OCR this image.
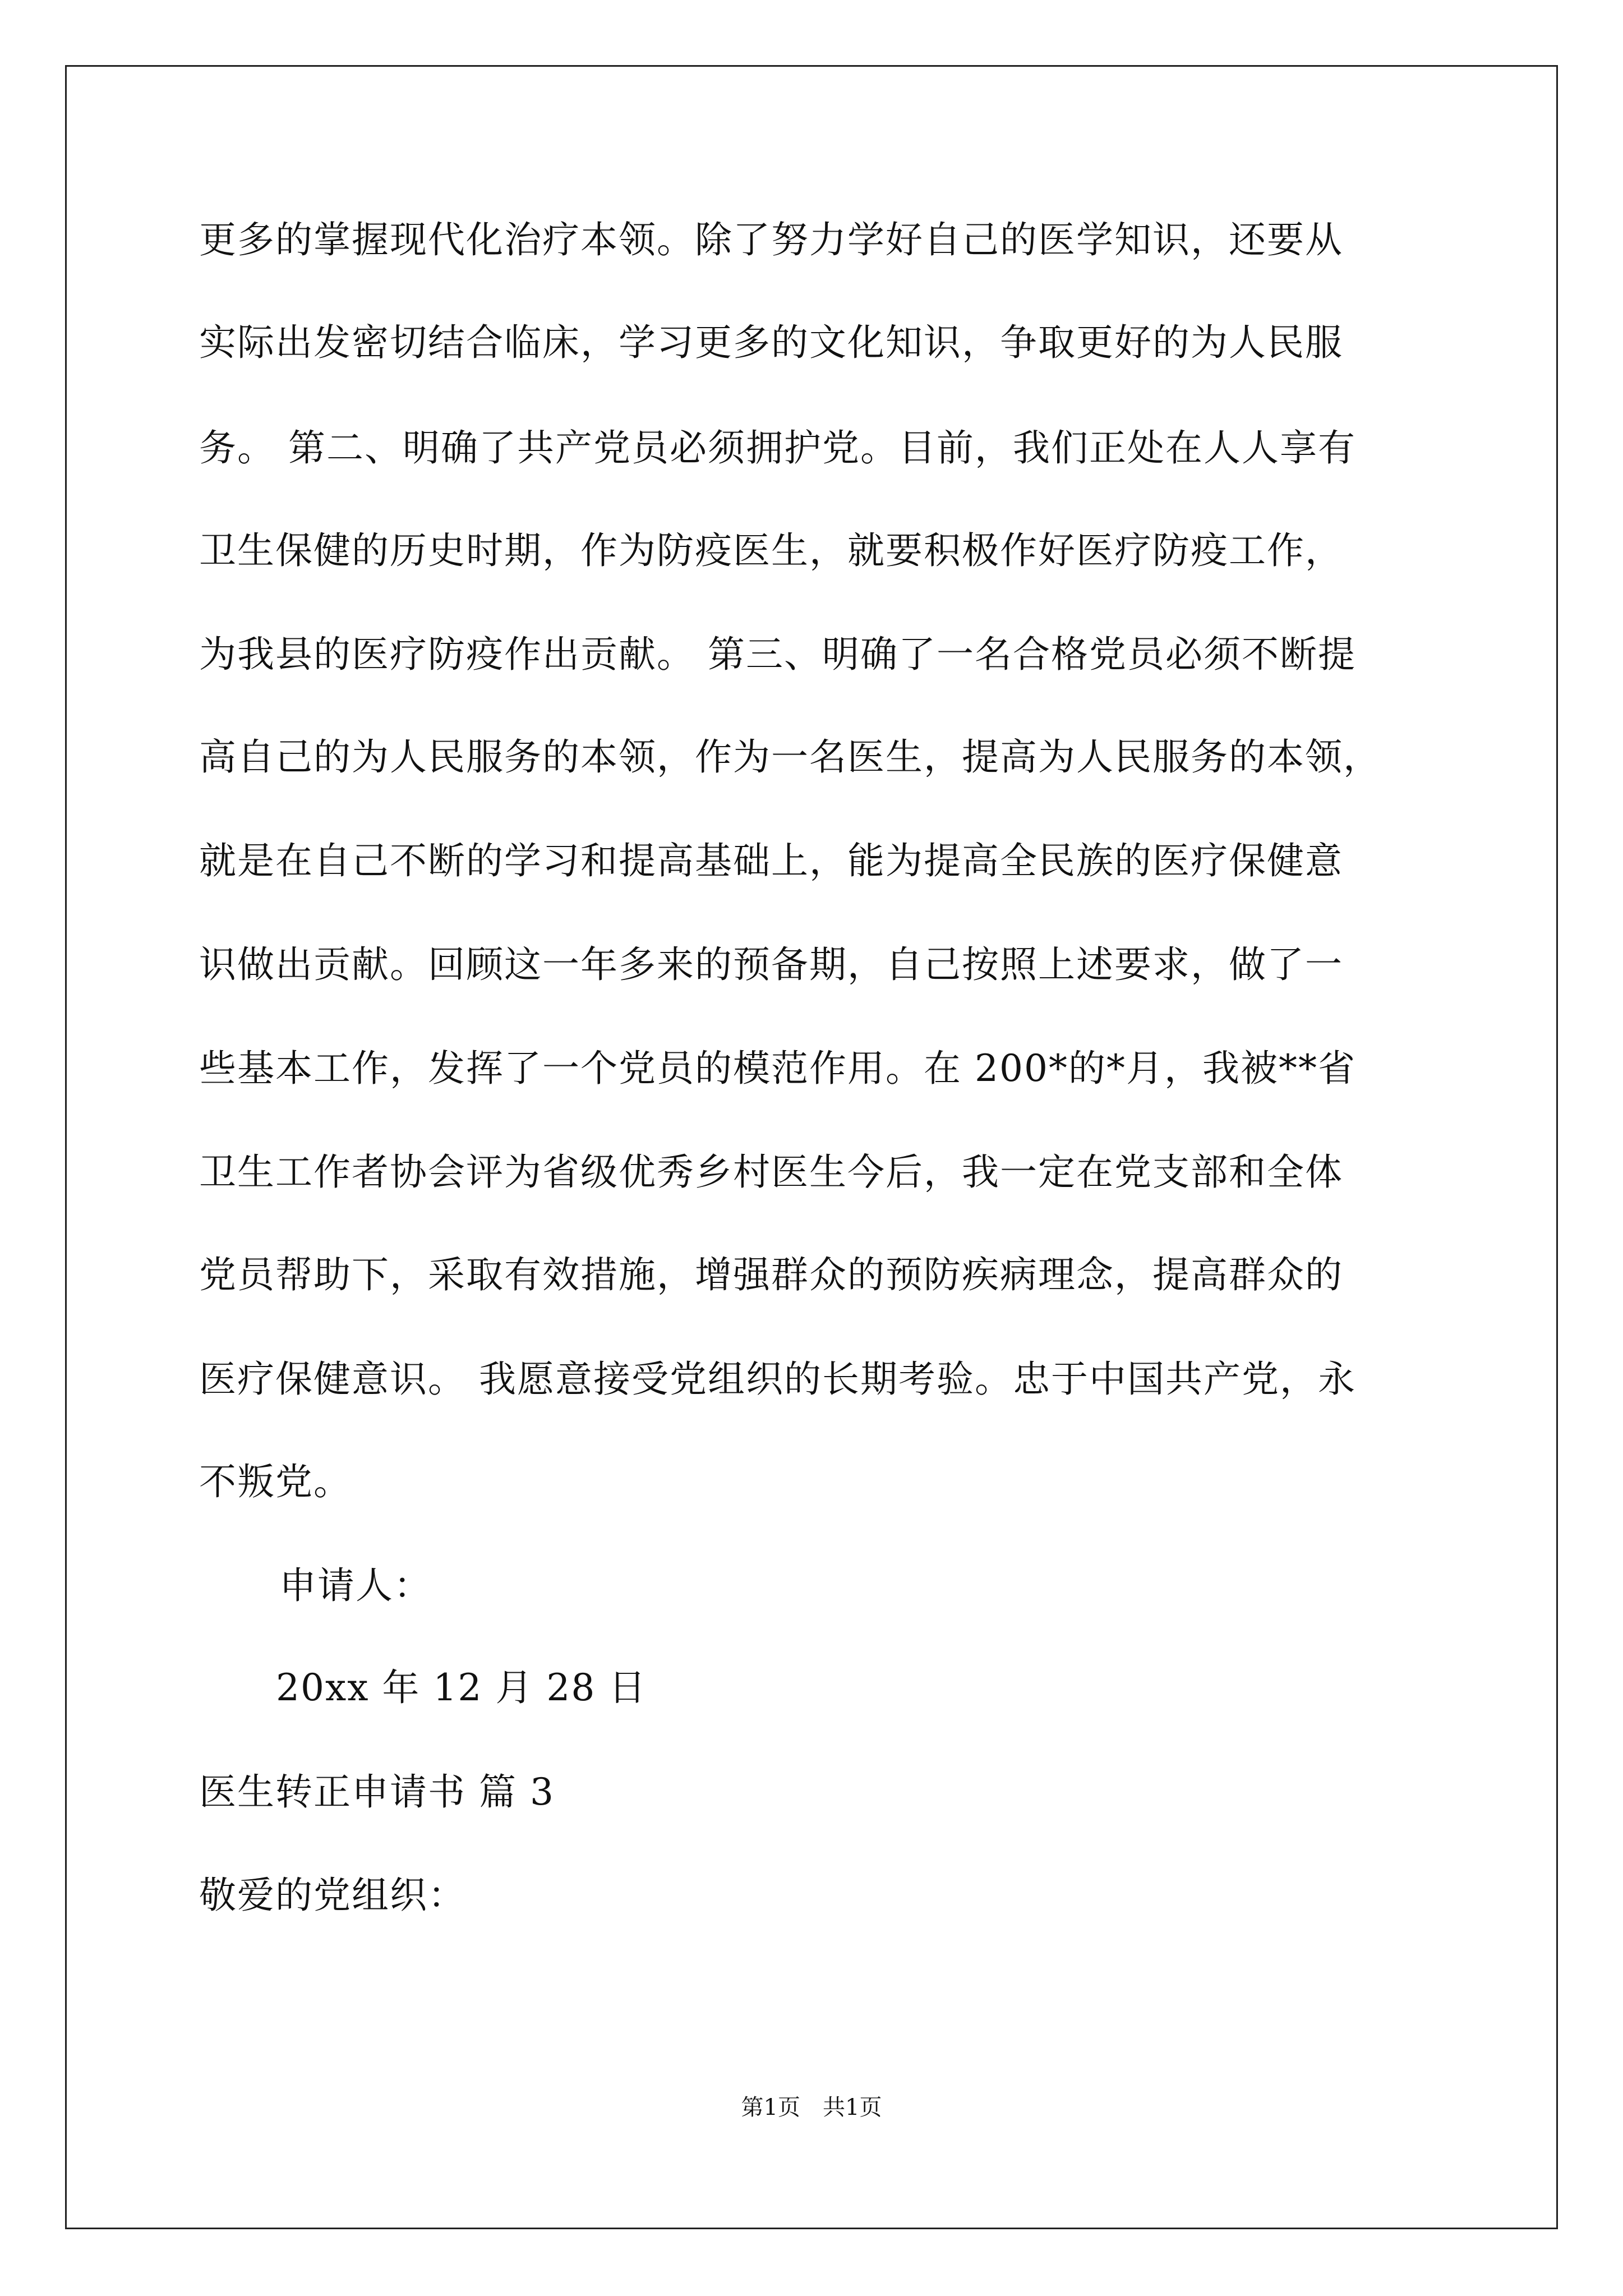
更多的掌握现代化治疗本领。除了努力学好自己的医学知识，还要从
实际出发密切结合临床，学习更多的文化知识，争取更好的为人民服
务。 第二、明确了共产党员必须拥护党。目前，我们正处在人人享有
卫生保健的历史时期，作为防疫医生，就要积极作好医疗防疫工作，
为我县的医疗防疫作出贡献。 第三、明确了一名合格党员必须不断提
高自己的为人民服务的本领，作为一名医生，提高为人民服务的本领，
就是在自己不断的学习和提高基础上，能为提高全民族的医疗保健意
识做出贡献。回顾这一年多来的预备期，自己按照上述要求，做了一
些基本工作，发挥了一个党员的模范作用。在 200*的*月，我被**省
卫生工作者协会评为省级优秀乡村医生今后，我一定在党支部和全体
党员帮助下，采取有效措施，增强群众的预防疾病理念，提高群众的
医疗保健意识。 我愿意接受党组织的长期考验。忠于中国共产党，永
不叛党。
申请人：
20xx 年 12 月 28 日
医生转正申请书 篇 3
敬爱的党组织：
第1页　共1页
